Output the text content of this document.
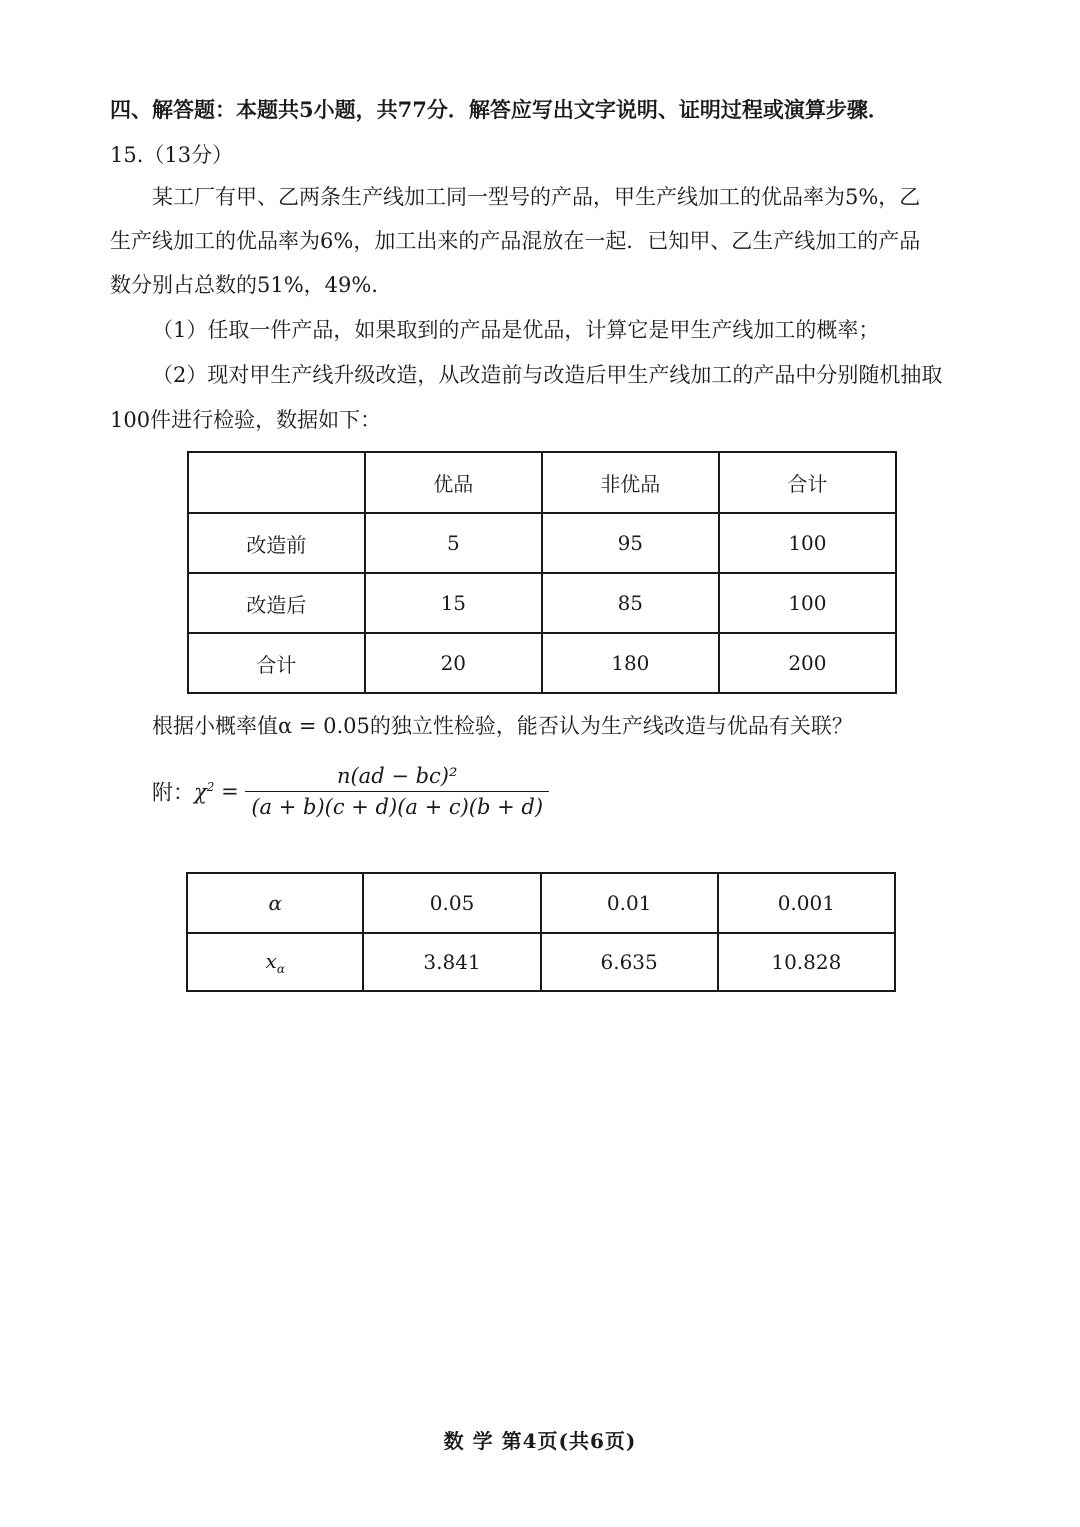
四、解答题：本题共5小题，共77分．解答应写出文字说明、证明过程或演算步骤．
15.（13分）
某工厂有甲、乙两条生产线加工同一型号的产品，甲生产线加工的优品率为5%，乙
生产线加工的优品率为6%，加工出来的产品混放在一起．已知甲、乙生产线加工的产品
数分别占总数的51%，49%．
（1）任取一件产品，如果取到的产品是优品，计算它是甲生产线加工的概率；
（2）现对甲生产线升级改造，从改造前与改造后甲生产线加工的产品中分别随机抽取
100件进行检验，数据如下：
	优品	非优品	合计
改造前	5	95	100
改造后	15	85	100
合计	20	180	200
根据小概率值α = 0.05的独立性检验，能否认为生产线改造与优品有关联？
附：$\chi^2 = \frac{\text{n(ad − bc)²}}{(a + b)(c + d)(a + c)(b + d)}$
α	0.05	0.01	0.001
$x_\alpha$	3.841	6.635	10.828
数 学 第4页(共6页)
